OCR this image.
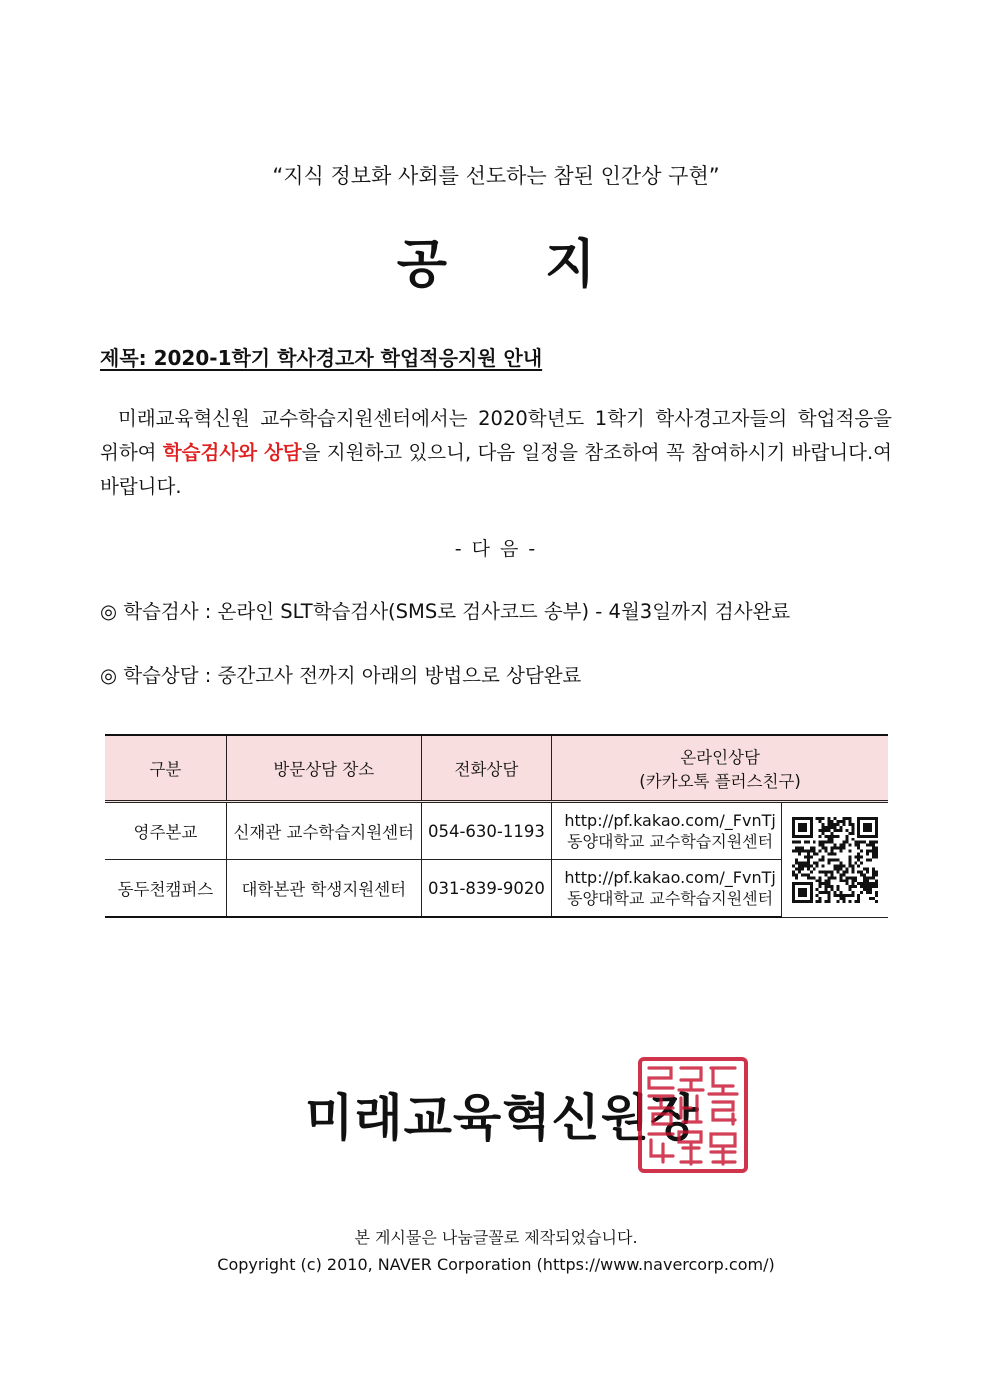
“지식 정보화 사회를 선도하는 참된 인간상 구현”
공 지
제목: 2020-1학기 학사경고자 학업적응지원 안내
미래교육혁신원 교수학습지원센터에서는 2020학년도 1학기 학사경고자들의 학업적응을 위하여 학습검사와 상담을 지원하고 있으니, 다음 일정을 참조하여 꼭 참여하시기 바랍니다.여 바랍니다.
- 다 음 -
◎ 학습검사 : 온라인 SLT학습검사(SMS로 검사코드 송부) - 4월3일까지 검사완료
◎ 학습상담 : 중간고사 전까지 아래의 방법으로 상담완료
구분	방문상담 장소	전화상담	온라인상담
(카카오톡 플러스친구)	

영주본교	신재관 교수학습지원센터	054-630-1193	http://pf.kakao.com/_FvnTj
동양대학교 교수학습지원센터

동두천캠퍼스	대학본관 학생지원센터	031-839-9020	http://pf.kakao.com/_FvnTj
동양대학교 교수학습지원센터	
미래교육혁신원장
본 게시물은 나눔글꼴로 제작되었습니다.
Copyright (c) 2010, NAVER Corporation (https://www.navercorp.com/)
